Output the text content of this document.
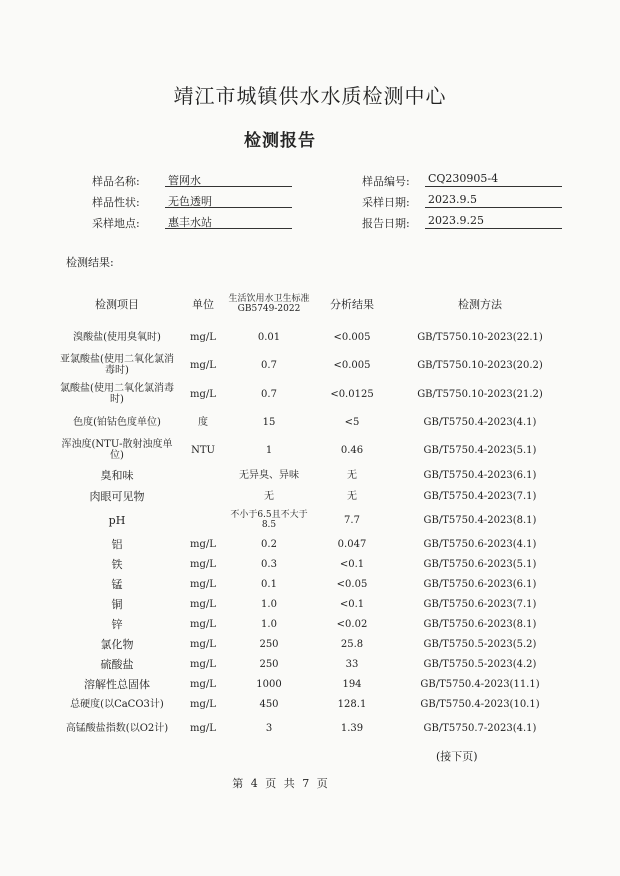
靖江市城镇供水水质检测中心
检测报告
样品名称:	管网水
样品性状:	无色透明
采样地点:	惠丰水站
样品编号: CQ230905-4
采样日期: 2023.9.5
报告日期: 2023.9.25
检测结果:
检测项目	单位	生活饮用水卫生标准GB5749-2022	分析结果	检测方法
溴酸盐(使用臭氧时)	mg/L	0.01	<0.005	GB/T5750.10-2023(22.1)
亚氯酸盐(使用二氧化氯消毒时)	mg/L	0.7	<0.005	GB/T5750.10-2023(20.2)
氯酸盐(使用二氧化氯消毒时)	mg/L	0.7	<0.0125	GB/T5750.10-2023(21.2)
色度(铂钴色度单位)	度	15	<5	GB/T5750.4-2023(4.1)
浑浊度(NTU-散射浊度单位)	NTU	1	0.46	GB/T5750.4-2023(5.1)
臭和味		无异臭、异味	无	GB/T5750.4-2023(6.1)
肉眼可见物		无	无	GB/T5750.4-2023(7.1)
pH		不小于6.5且不大于8.5	7.7	GB/T5750.4-2023(8.1)
铝	mg/L	0.2	0.047	GB/T5750.6-2023(4.1)
铁	mg/L	0.3	<0.1	GB/T5750.6-2023(5.1)
锰	mg/L	0.1	<0.05	GB/T5750.6-2023(6.1)
铜	mg/L	1.0	<0.1	GB/T5750.6-2023(7.1)
锌	mg/L	1.0	<0.02	GB/T5750.6-2023(8.1)
氯化物	mg/L	250	25.8	GB/T5750.5-2023(5.2)
硫酸盐	mg/L	250	33	GB/T5750.5-2023(4.2)
溶解性总固体	mg/L	1000	194	GB/T5750.4-2023(11.1)
总硬度(以CaCO3计)	mg/L	450	128.1	GB/T5750.4-2023(10.1)
高锰酸盐指数(以O2计)	mg/L	3	1.39	GB/T5750.7-2023(4.1)
(接下页)
第 4 页 共 7 页
